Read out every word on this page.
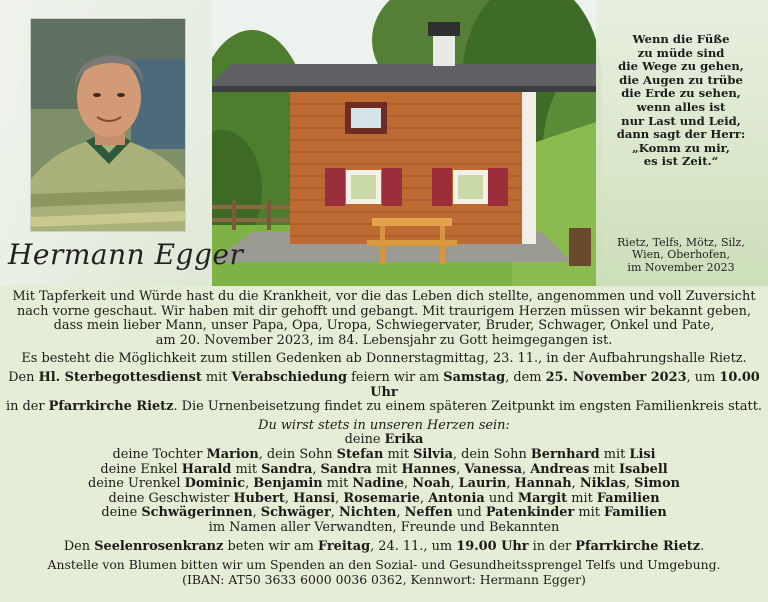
Hermann Egger
Wenn die Füße
zu müde sind
die Wege zu gehen,
die Augen zu trübe
die Erde zu sehen,
wenn alles ist
nur Last und Leid,
dann sagt der Herr:
„Komm zu mir,
es ist Zeit.“
Rietz, Telfs, Mötz, Silz,
Wien, Oberhofen,
im November 2023

Mit Tapferkeit und Würde hast du die Krankheit, vor die das Leben dich stellte, angenommen und voll Zuversicht

nach vorne geschaut. Wir haben mit dir gehofft und gebangt. Mit traurigem Herzen müssen wir bekannt geben,

dass mein lieber Mann, unser Papa, Opa, Uropa, Schwiegervater, Bruder, Schwager, Onkel und Pate,

am 20. November 2023, im 84. Lebensjahr zu Gott heimgegangen ist.

Es besteht die Möglichkeit zum stillen Gedenken ab Donnerstagmittag, 23. 11., in der Aufbahrungshalle Rietz.

Den Hl. Sterbegottesdienst mit Verabschiedung feiern wir am Samstag, dem 25. November 2023, um 10.00 Uhr

in der Pfarrkirche Rietz. Die Urnenbeisetzung findet zu einem späteren Zeitpunkt im engsten Familienkreis statt.

Du wirst stets in unseren Herzen sein:

deine Erika

deine Tochter Marion, dein Sohn Stefan mit Silvia, dein Sohn Bernhard mit Lisi

deine Enkel Harald mit Sandra, Sandra mit Hannes, Vanessa, Andreas mit Isabell

deine Urenkel Dominic, Benjamin mit Nadine, Noah, Laurin, Hannah, Niklas, Simon

deine Geschwister Hubert, Hansi, Rosemarie, Antonia und Margit mit Familien

deine Schwägerinnen, Schwäger, Nichten, Neffen und Patenkinder mit Familien

im Namen aller Verwandten, Freunde und Bekannten

Den Seelenrosenkranz beten wir am Freitag, 24. 11., um 19.00 Uhr in der Pfarrkirche Rietz.

Anstelle von Blumen bitten wir um Spenden an den Sozial- und Gesundheitssprengel Telfs und Umgebung.

(IBAN: AT50 3633 6000 0036 0362, Kennwort: Hermann Egger)
